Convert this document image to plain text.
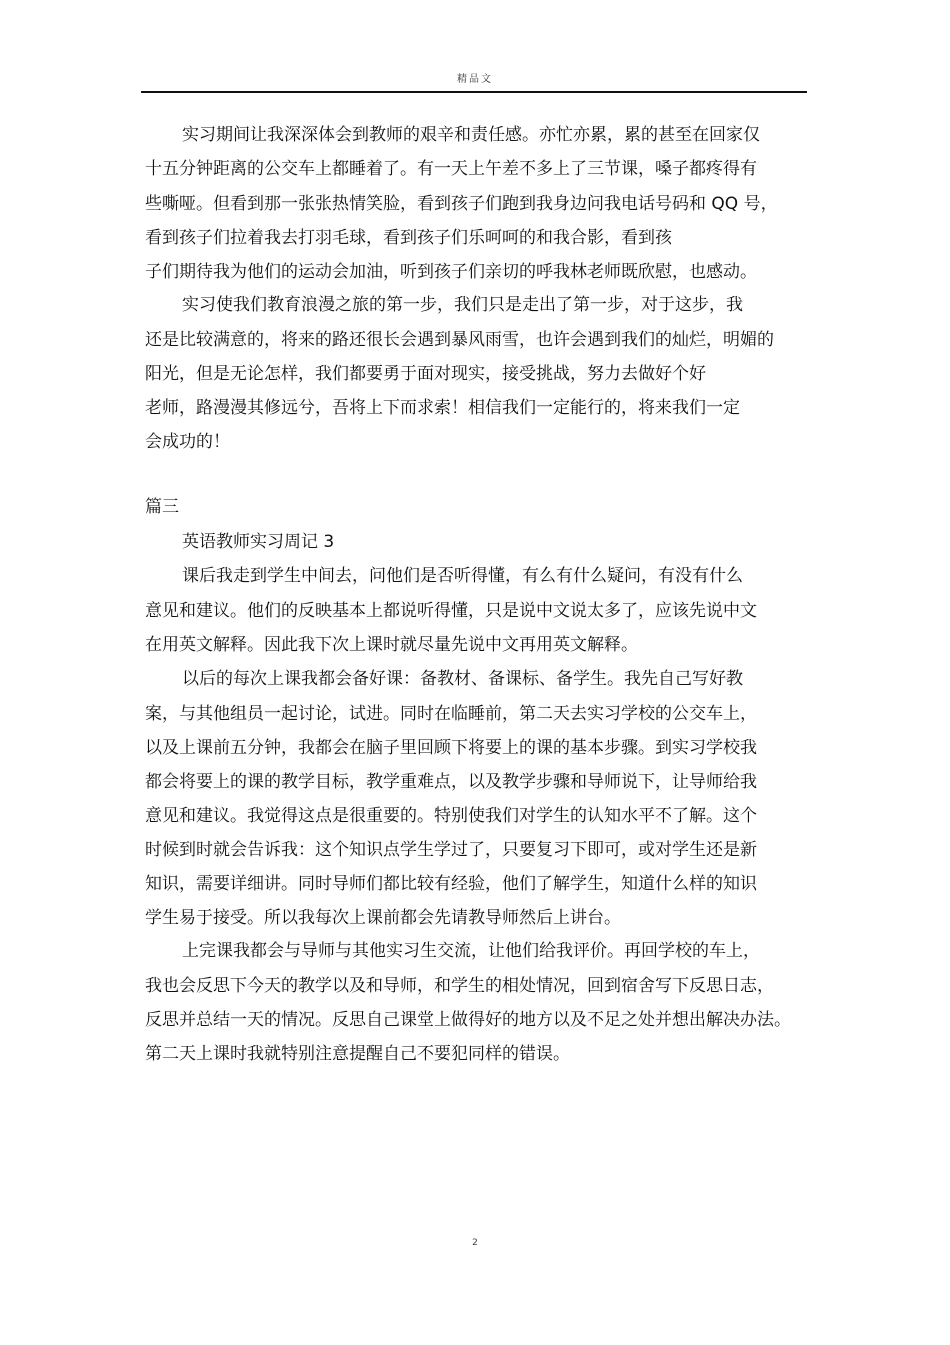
精品文
实习期间让我深深体会到教师的艰辛和责任感。亦忙亦累，累的甚至在回家仅
十五分钟距离的公交车上都睡着了。有一天上午差不多上了三节课，嗓子都疼得有
些嘶哑。但看到那一张张热情笑脸，看到孩子们跑到我身边问我电话号码和 QQ 号，
看到孩子们拉着我去打羽毛球，看到孩子们乐呵呵的和我合影，看到孩
子们期待我为他们的运动会加油，听到孩子们亲切的呼我林老师既欣慰，也感动。
实习使我们教育浪漫之旅的第一步，我们只是走出了第一步，对于这步，我
还是比较满意的，将来的路还很长会遇到暴风雨雪，也许会遇到我们的灿烂，明媚的
阳光，但是无论怎样，我们都要勇于面对现实，接受挑战，努力去做好个好
老师，路漫漫其修远兮，吾将上下而求索！相信我们一定能行的，将来我们一定
会成功的！
篇三
英语教师实习周记 3
课后我走到学生中间去，问他们是否听得懂，有么有什么疑问，有没有什么
意见和建议。他们的反映基本上都说听得懂，只是说中文说太多了，应该先说中文
在用英文解释。因此我下次上课时就尽量先说中文再用英文解释。
以后的每次上课我都会备好课：备教材、备课标、备学生。我先自己写好教
案，与其他组员一起讨论，试进。同时在临睡前，第二天去实习学校的公交车上，
以及上课前五分钟，我都会在脑子里回顾下将要上的课的基本步骤。到实习学校我
都会将要上的课的教学目标，教学重难点，以及教学步骤和导师说下，让导师给我
意见和建议。我觉得这点是很重要的。特别使我们对学生的认知水平不了解。这个
时候到时就会告诉我：这个知识点学生学过了，只要复习下即可，或对学生还是新
知识，需要详细讲。同时导师们都比较有经验，他们了解学生，知道什么样的知识
学生易于接受。所以我每次上课前都会先请教导师然后上讲台。
上完课我都会与导师与其他实习生交流，让他们给我评价。再回学校的车上，
我也会反思下今天的教学以及和导师，和学生的相处情况，回到宿舍写下反思日志，
反思并总结一天的情况。反思自己课堂上做得好的地方以及不足之处并想出解决办法。
第二天上课时我就特别注意提醒自己不要犯同样的错误。
2
